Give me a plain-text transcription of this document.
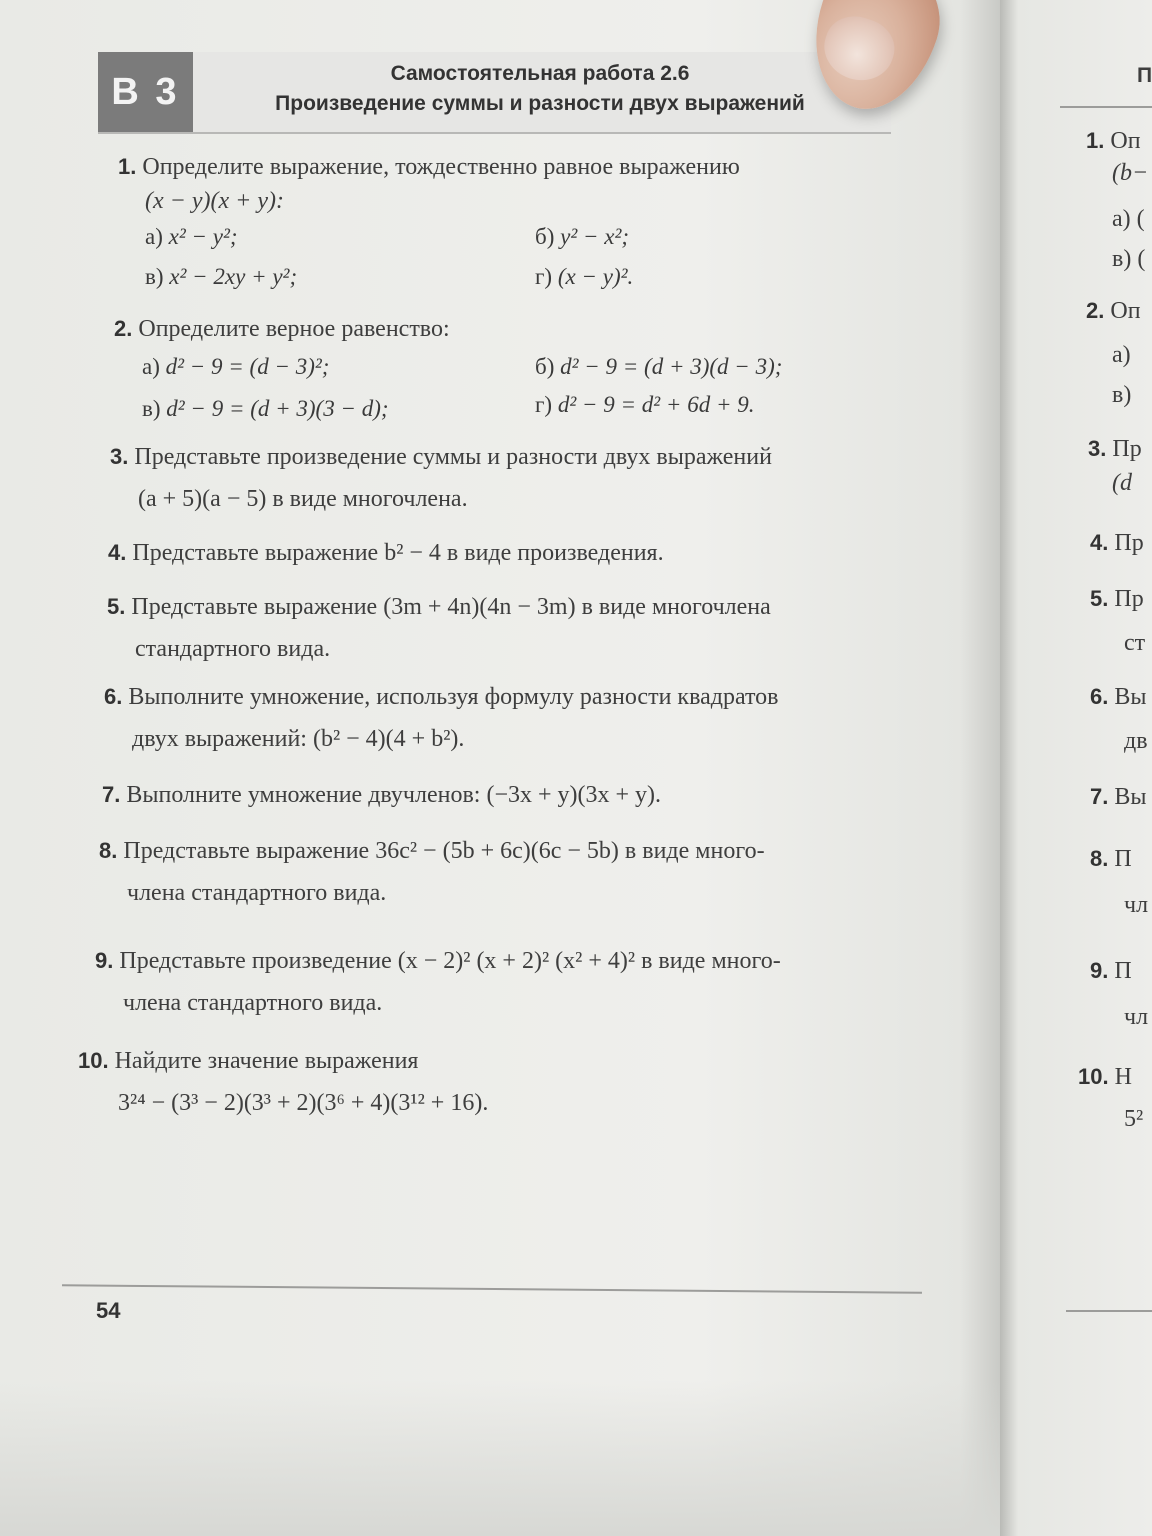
В 3	Самостоятельная работа 2.6
Произведение суммы и разности двух выражений
1. Определите выражение, тождественно равное выражению
(x − y)(x + y):
а) x² − y²;	б) y² − x²;
в) x² − 2xy + y²;	г) (x − y)².
2. Определите верное равенство:
а) d² − 9 = (d − 3)²;	б) d² − 9 = (d + 3)(d − 3);
в) d² − 9 = (d + 3)(3 − d);	г) d² − 9 = d² + 6d + 9.
3. Представьте произведение суммы и разности двух выражений
(a + 5)(a − 5) в виде многочлена.
4. Представьте выражение b² − 4 в виде произведения.
5. Представьте выражение (3m + 4n)(4n − 3m) в виде многочлена
стандартного вида.
6. Выполните умножение, используя формулу разности квадратов
двух выражений: (b² − 4)(4 + b²).
7. Выполните умножение двучленов: (−3x + y)(3x + y).
8. Представьте выражение 36c² − (5b + 6c)(6c − 5b) в виде много-
члена стандартного вида.
9. Представьте произведение (x − 2)² (x + 2)² (x² + 4)² в виде много-
члена стандартного вида.
10. Найдите значение выражения
3²⁴ − (3³ − 2)(3³ + 2)(3⁶ + 4)(3¹² + 16).
54
П
1. Оп
(b−
а) (
в) (
2. Оп
а)
в)
3. Пр
(d
4. Пр
5. Пр
ст
6. Вы
дв
7. Вы
8. П
чл
9. П
чл
10. Н
5²
